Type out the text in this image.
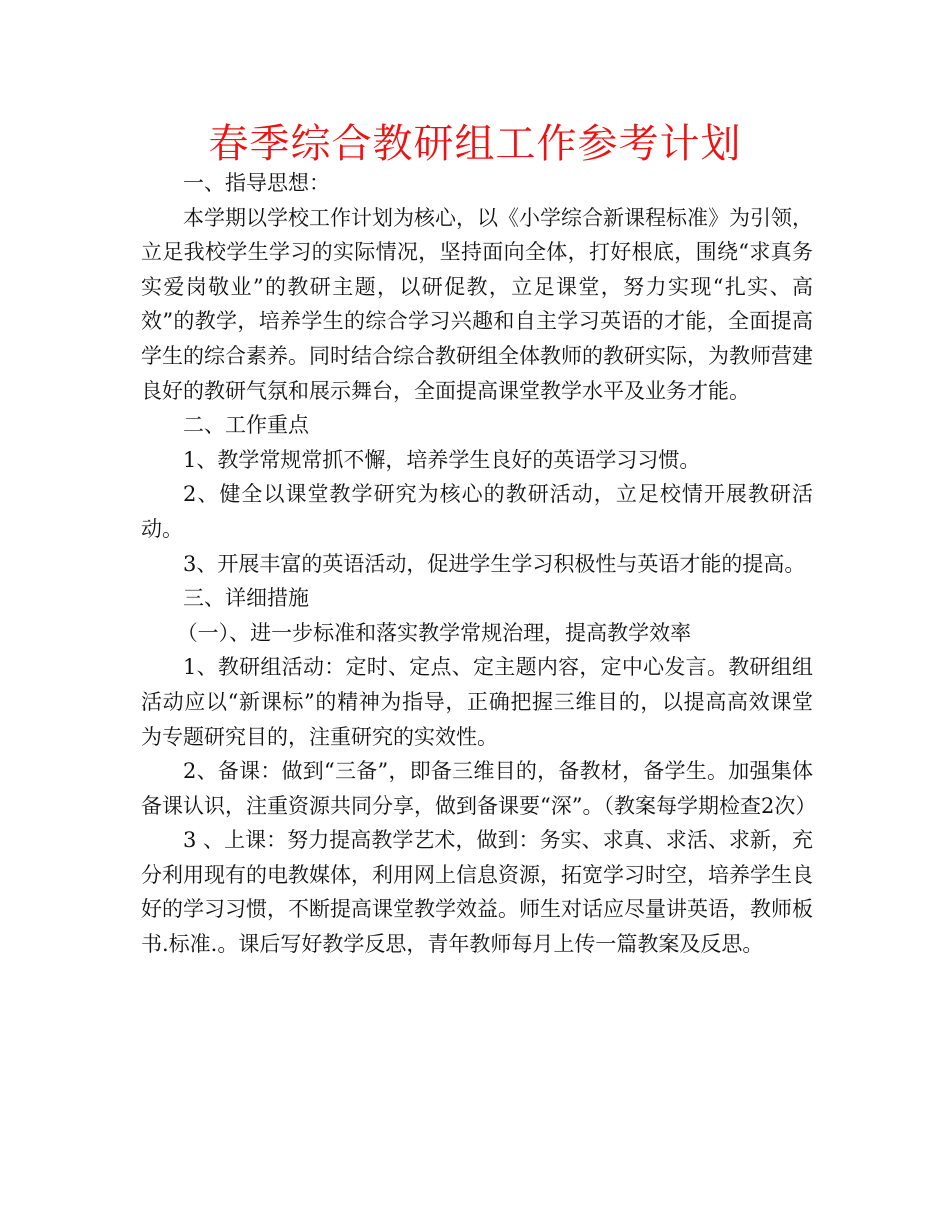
春季综合教研组工作参考计划

一、指导思想：

本学期以学校工作计划为核心，以《小学综合新课程标准》为引领，立足我校学生学习的实际情况，坚持面向全体，打好根底，围绕“求真务实爱岗敬业”的教研主题，以研促教，立足课堂，努力实现“扎实、高效”的教学，培养学生的综合学习兴趣和自主学习英语的才能，全面提高学生的综合素养。同时结合综合教研组全体教师的教研实际，为教师营建良好的教研气氛和展示舞台，全面提高课堂教学水平及业务才能。

二、工作重点

1、教学常规常抓不懈，培养学生良好的英语学习习惯。

2、健全以课堂教学研究为核心的教研活动，立足校情开展教研活动。

3、开展丰富的英语活动，促进学生学习积极性与英语才能的提高。

三、详细措施

（一）、进一步标准和落实教学常规治理，提高教学效率

1、教研组活动：定时、定点、定主题内容，定中心发言。教研组组活动应以“新课标”的精神为指导，正确把握三维目的，以提高高效课堂为专题研究目的，注重研究的实效性。

2、备课：做到“三备”，即备三维目的，备教材，备学生。加强集体备课认识，注重资源共同分享，做到备课要“深”。（教案每学期检查2次）

3 、上课：努力提高教学艺术，做到：务实、求真、求活、求新，充分利用现有的电教媒体，利用网上信息资源，拓宽学习时空，培养学生良好的学习习惯，不断提高课堂教学效益。师生对话应尽量讲英语，教师板书.标准.。课后写好教学反思，青年教师每月上传一篇教案及反思。
